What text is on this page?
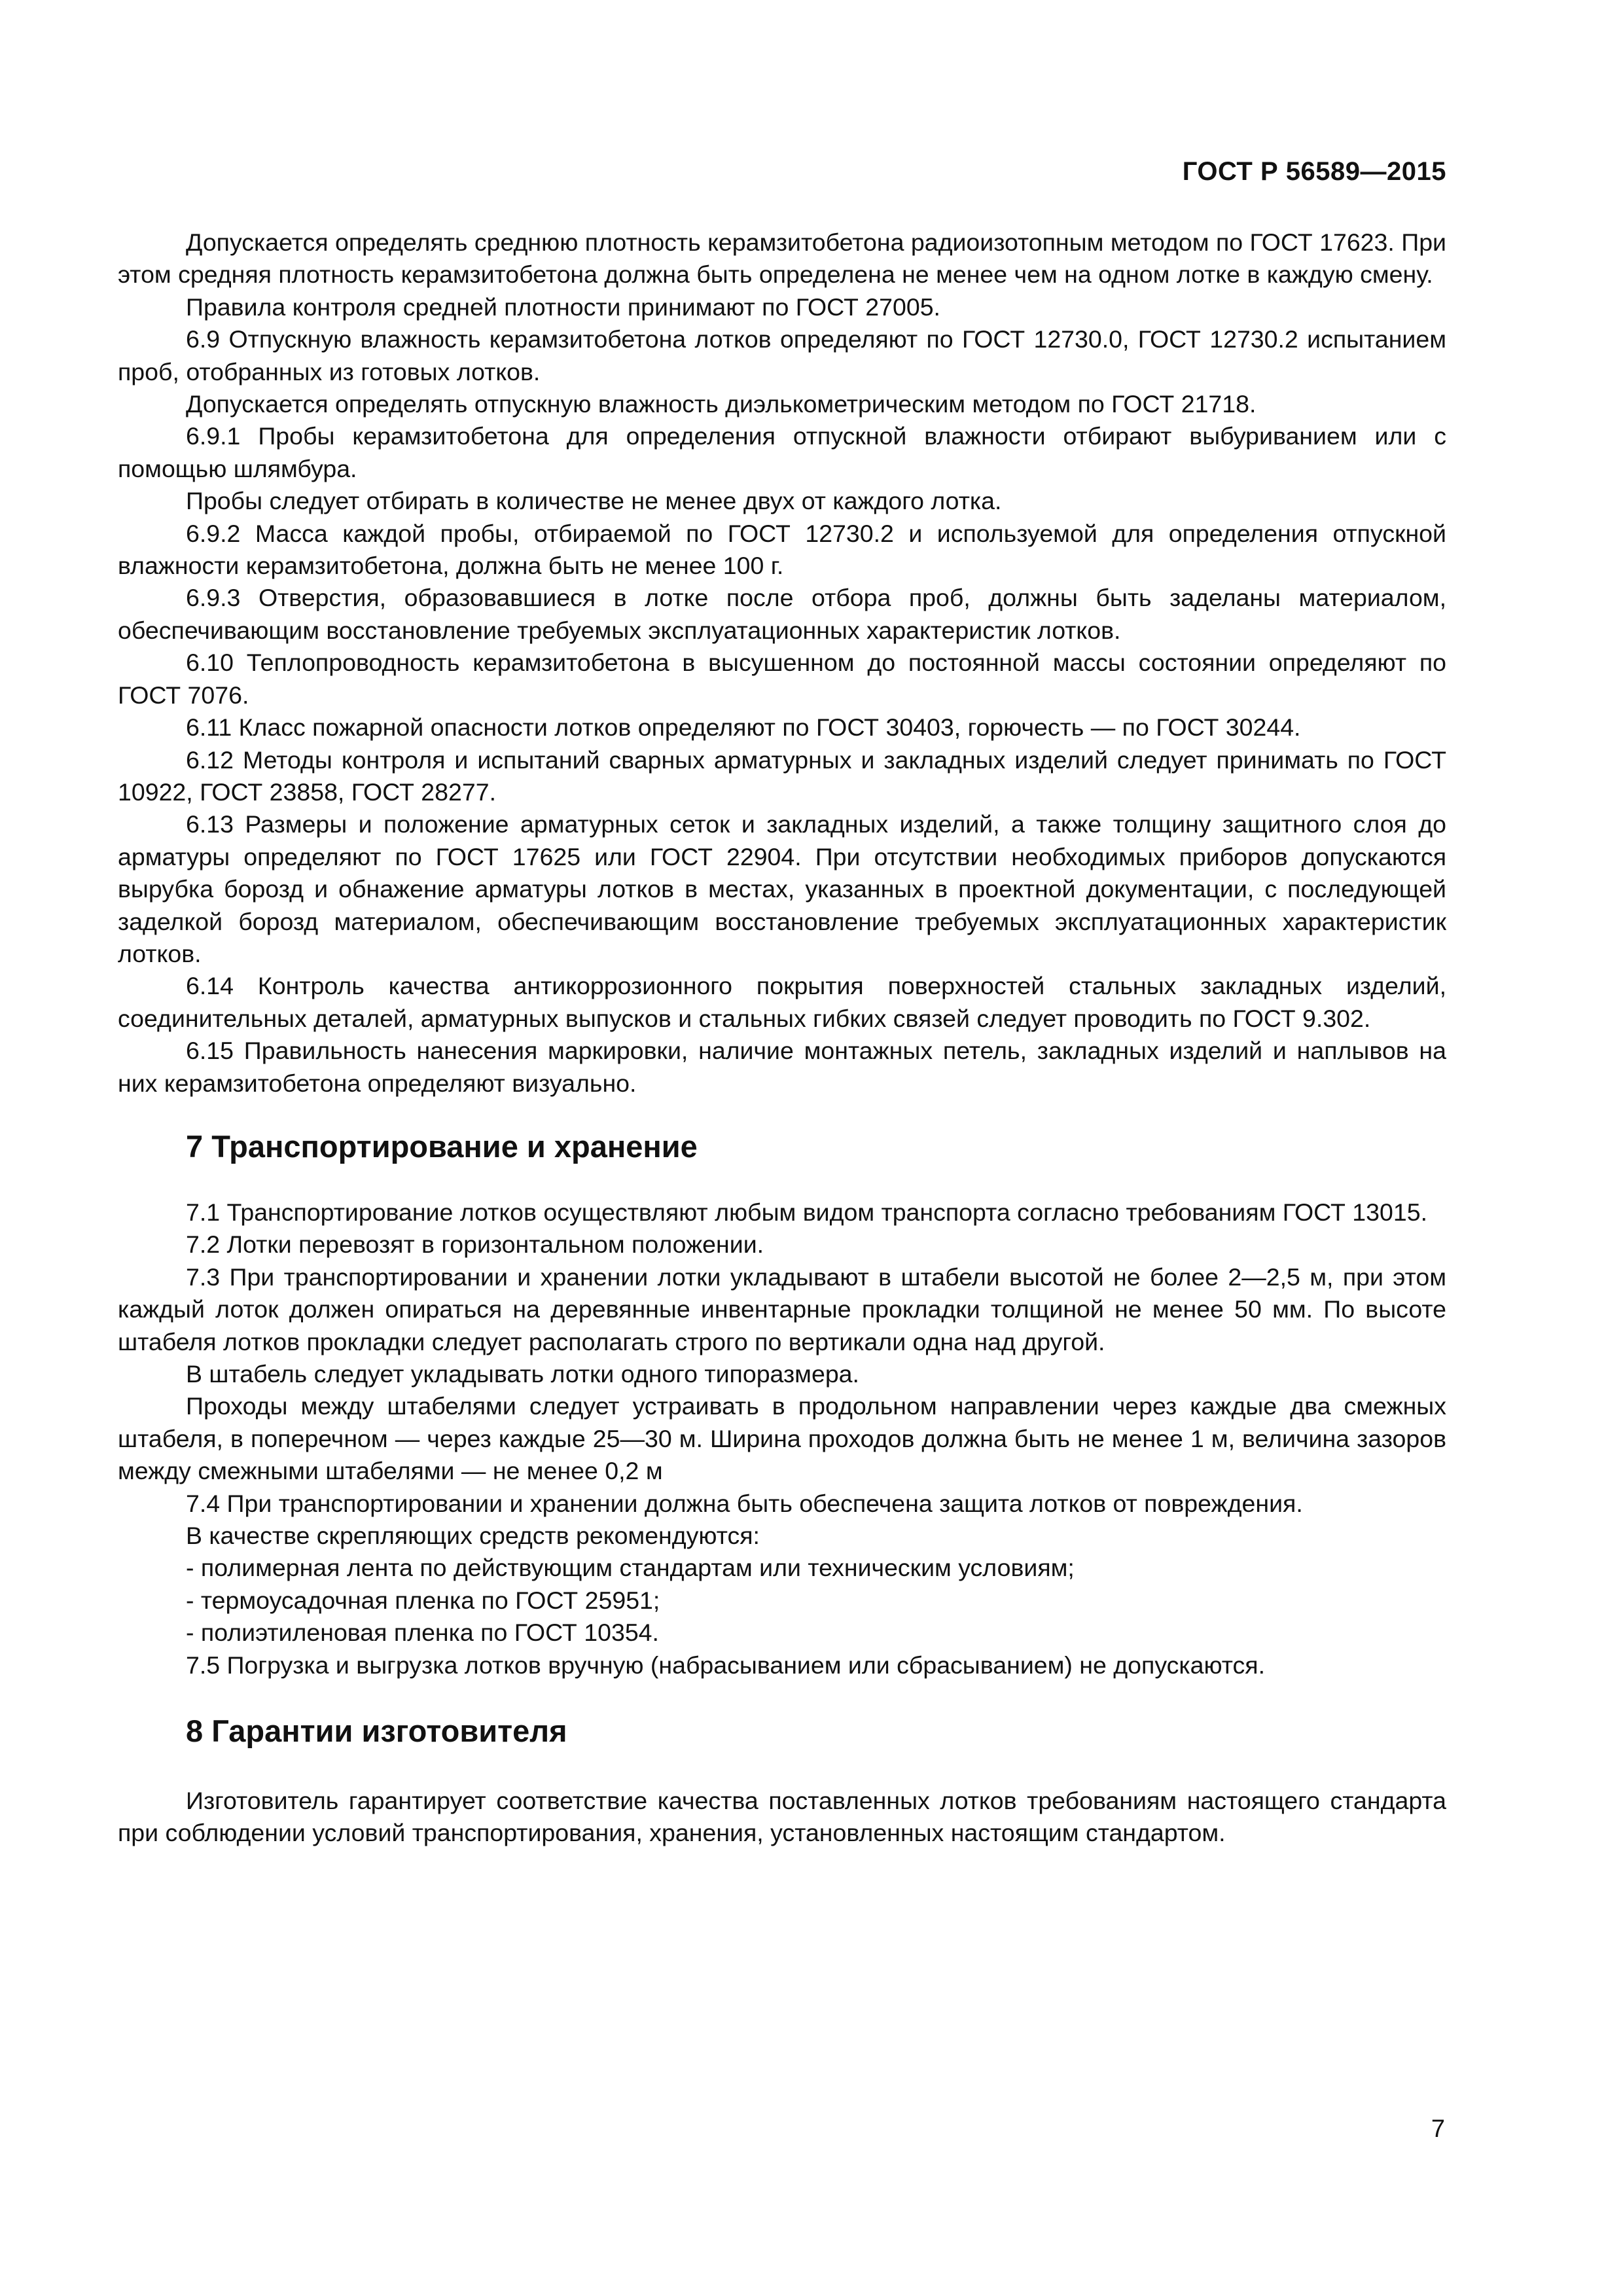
ГОСТ Р 56589—2015

Допускается определять среднюю плотность керамзитобетона радиоизотопным методом по ГОСТ 17623. При этом средняя плотность керамзитобетона должна быть определена не менее чем на одном лотке в каждую смену.

Правила контроля средней плотности принимают по ГОСТ 27005.

6.9 Отпускную влажность керамзитобетона лотков определяют по ГОСТ 12730.0, ГОСТ 12730.2 испытанием проб, отобранных из готовых лотков.

Допускается определять отпускную влажность диэлькометрическим методом по ГОСТ 21718.

6.9.1 Пробы керамзитобетона для определения отпускной влажности отбирают выбуриванием или с помощью шлямбура.

Пробы следует отбирать в количестве не менее двух от каждого лотка.

6.9.2 Масса каждой пробы, отбираемой по ГОСТ 12730.2 и используемой для определения отпускной влажности керамзитобетона, должна быть не менее 100 г.

6.9.3 Отверстия, образовавшиеся в лотке после отбора проб, должны быть заделаны материалом, обеспечивающим восстановление требуемых эксплуатационных характеристик лотков.

6.10 Теплопроводность керамзитобетона в высушенном до постоянной массы состоянии определяют по ГОСТ 7076.

6.11 Класс пожарной опасности лотков определяют по ГОСТ 30403, горючесть — по ГОСТ 30244.

6.12 Методы контроля и испытаний сварных арматурных и закладных изделий следует принимать по ГОСТ 10922, ГОСТ 23858, ГОСТ 28277.

6.13 Размеры и положение арматурных сеток и закладных изделий, а также толщину защитного слоя до арматуры определяют по ГОСТ 17625 или ГОСТ 22904. При отсутствии необходимых приборов допускаются вырубка борозд и обнажение арматуры лотков в местах, указанных в проектной документации, с последующей заделкой борозд материалом, обеспечивающим восстановление требуемых эксплуатационных характеристик лотков.

6.14 Контроль качества антикоррозионного покрытия поверхностей стальных закладных изделий, соединительных деталей, арматурных выпусков и стальных гибких связей следует проводить по ГОСТ 9.302.

6.15 Правильность нанесения маркировки, наличие монтажных петель, закладных изделий и наплывов на них керамзитобетона определяют визуально.

7 Транспортирование и хранение

7.1 Транспортирование лотков осуществляют любым видом транспорта согласно требованиям ГОСТ 13015.

7.2 Лотки перевозят в горизонтальном положении.

7.3 При транспортировании и хранении лотки укладывают в штабели высотой не более 2—2,5 м, при этом каждый лоток должен опираться на деревянные инвентарные прокладки толщиной не менее 50 мм. По высоте штабеля лотков прокладки следует располагать строго по вертикали одна над другой.

В штабель следует укладывать лотки одного типоразмера.

Проходы между штабелями следует устраивать в продольном направлении через каждые два смежных штабеля, в поперечном — через каждые 25—30 м. Ширина проходов должна быть не менее 1 м, величина зазоров между смежными штабелями — не менее 0,2 м

7.4 При транспортировании и хранении должна быть обеспечена защита лотков от повреждения.

В качестве скрепляющих средств рекомендуются:

- полимерная лента по действующим стандартам или техническим условиям;

- термоусадочная пленка по ГОСТ 25951;

- полиэтиленовая пленка по ГОСТ 10354.

7.5 Погрузка и выгрузка лотков вручную (набрасыванием или сбрасыванием) не допускаются.

8 Гарантии изготовителя

Изготовитель гарантирует соответствие качества поставленных лотков требованиям настоящего стандарта при соблюдении условий транспортирования, хранения, установленных настоящим стандартом.

7
